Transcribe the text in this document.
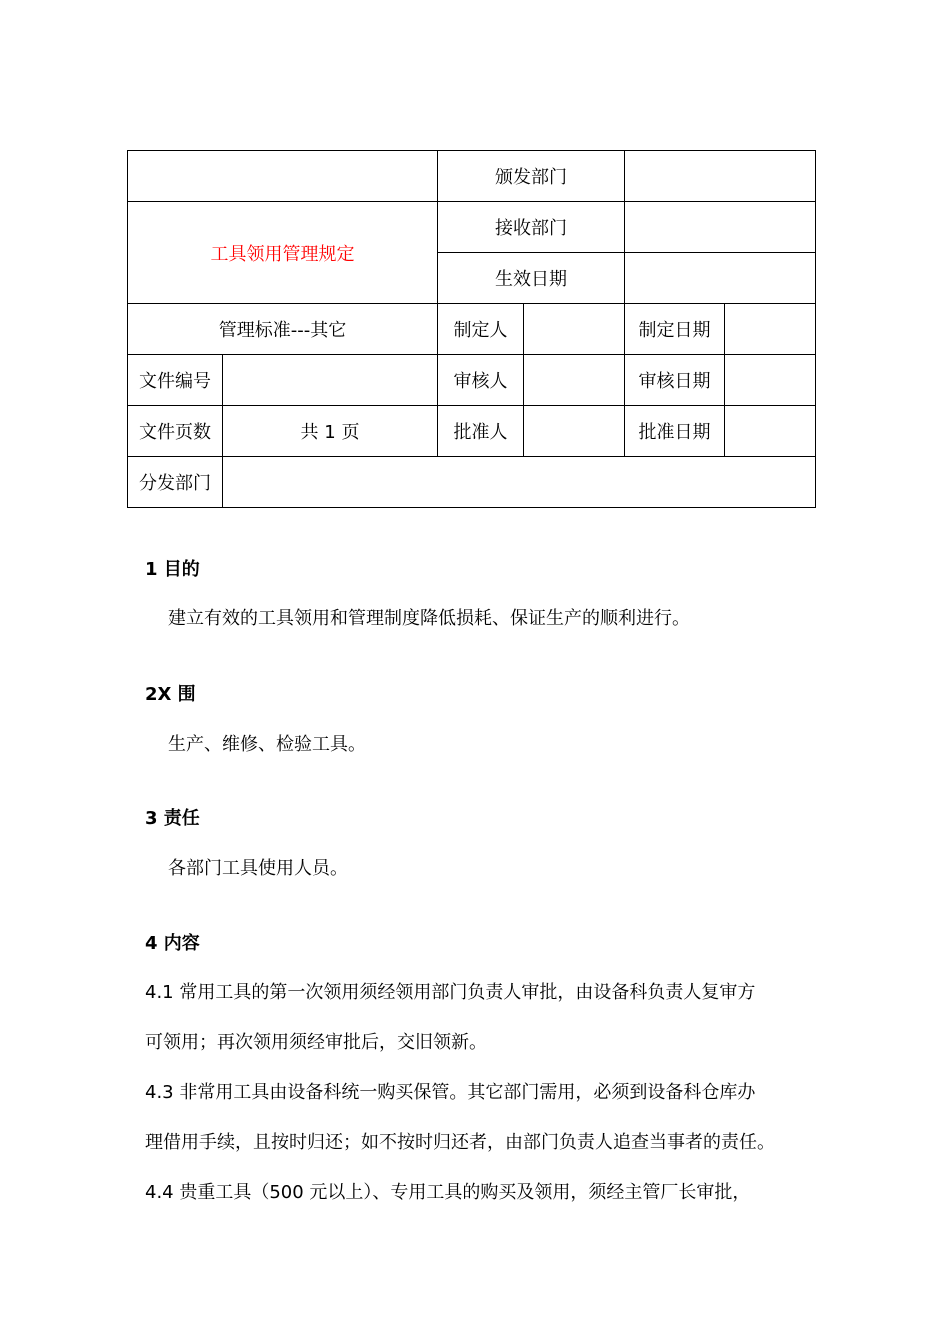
		颁发部门			
工具领用管理规定		接收部门			
		生效日期			
管理标准---其它		制定人		制定日期	
文件编号		审核人		审核日期	
文件页数	共 1 页	批准人		批准日期	
分发部门					
1 目的
建立有效的工具领用和管理制度降低损耗、保证生产的顺利进行。
2X 围
生产、维修、检验工具。
3 责任
各部门工具使用人员。
4 内容
4.1 常用工具的第一次领用须经领用部门负责人审批，由设备科负责人复审方
可领用；再次领用须经审批后，交旧领新。
4.3 非常用工具由设备科统一购买保管。其它部门需用，必须到设备科仓库办
理借用手续，且按时归还；如不按时归还者，由部门负责人追查当事者的责任。
4.4 贵重工具（500 元以上）、专用工具的购买及领用，须经主管厂长审批，
